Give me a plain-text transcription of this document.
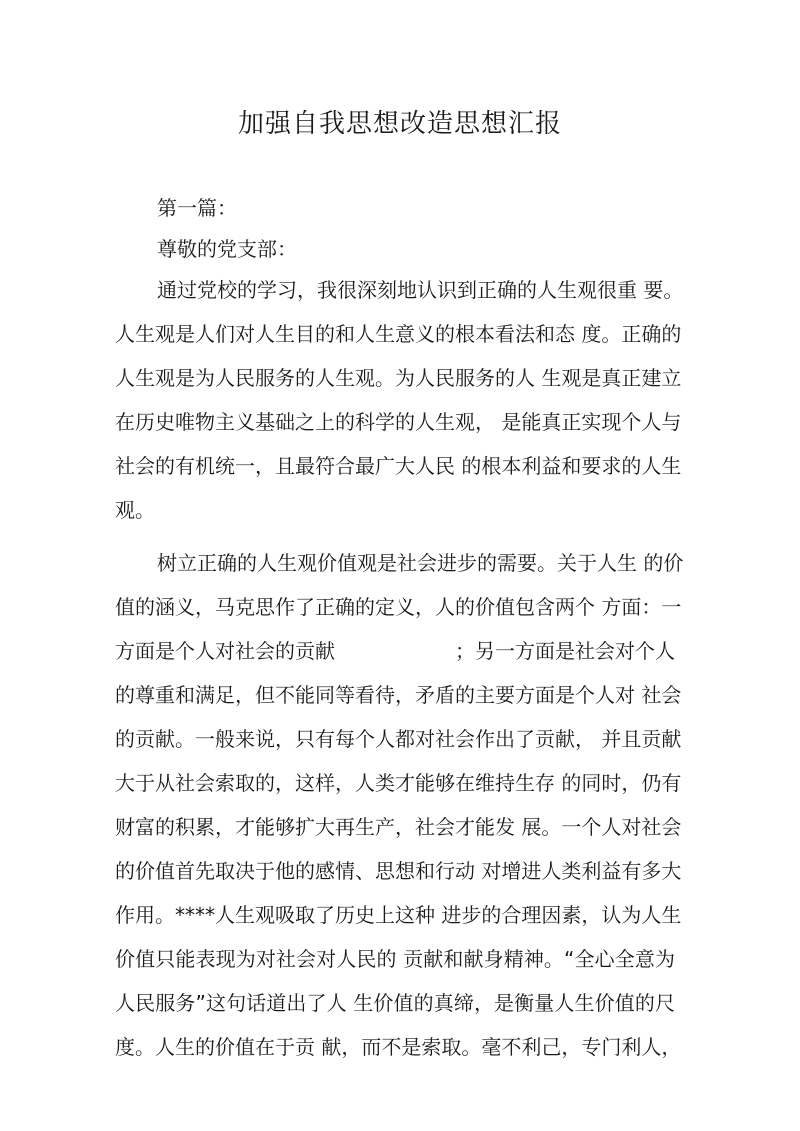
加强自我思想改造思想汇报

第一篇：

尊敬的党支部：

通过党校的学习，我很深刻地认识到正确的人生观很重 要。

人生观是人们对人生目的和人生意义的根本看法和态 度。正确的

人生观是为人民服务的人生观。为人民服务的人 生观是真正建立

在历史唯物主义基础之上的科学的人生观， 是能真正实现个人与

社会的有机统一，且最符合最广大人民 的根本利益和要求的人生

观。

树立正确的人生观价值观是社会进步的需要。关于人生 的价

值的涵义，马克思作了正确的定义，人的价值包含两个 方面：一

方面是个人对社会的贡献　　　　　　；另一方面是社会对个人

的尊重和满足，但不能同等看待，矛盾的主要方面是个人对 社会

的贡献。一般来说，只有每个人都对社会作出了贡献， 并且贡献

大于从社会索取的，这样，人类才能够在维持生存 的同时，仍有

财富的积累，才能够扩大再生产，社会才能发 展。一个人对社会

的价值首先取决于他的感情、思想和行动 对增进人类利益有多大

作用。****人生观吸取了历史上这种 进步的合理因素，认为人生

价值只能表现为对社会对人民的 贡献和献身精神。“全心全意为

人民服务”这句话道出了人 生价值的真缔，是衡量人生价值的尺

度。人生的价值在于贡 献，而不是索取。毫不利己，专门利人，
